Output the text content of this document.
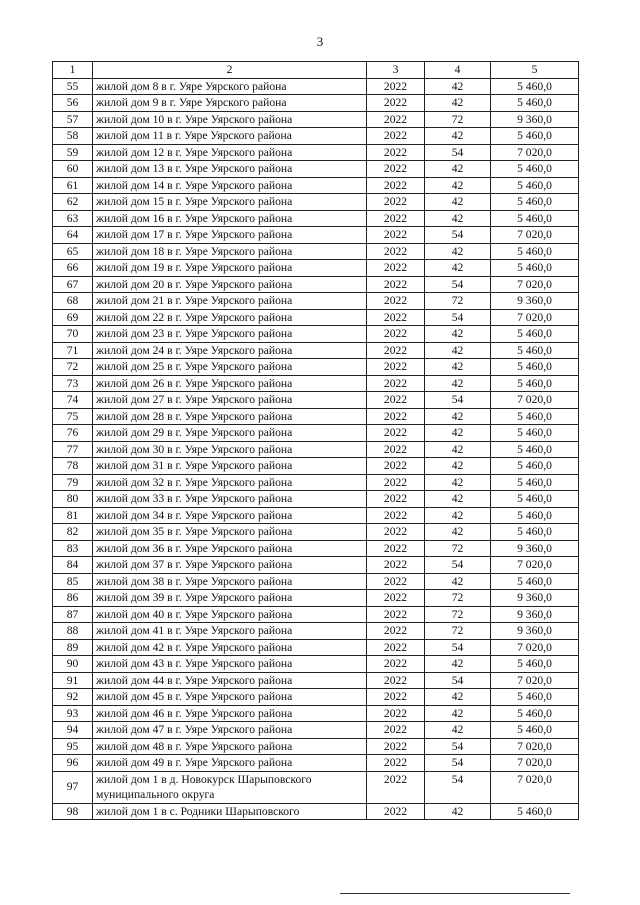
3
1	2	3	4	5
55	жилой дом 8 в г. Уяре Уярского района	2022	42	5 460,0
56	жилой дом 9 в г. Уяре Уярского района	2022	42	5 460,0
57	жилой дом 10 в г. Уяре Уярского района	2022	72	9 360,0
58	жилой дом 11 в г. Уяре Уярского района	2022	42	5 460,0
59	жилой дом 12 в г. Уяре Уярского района	2022	54	7 020,0
60	жилой дом 13 в г. Уяре Уярского района	2022	42	5 460,0
61	жилой дом 14 в г. Уяре Уярского района	2022	42	5 460,0
62	жилой дом 15 в г. Уяре Уярского района	2022	42	5 460,0
63	жилой дом 16 в г. Уяре Уярского района	2022	42	5 460,0
64	жилой дом 17 в г. Уяре Уярского района	2022	54	7 020,0
65	жилой дом 18 в г. Уяре Уярского района	2022	42	5 460,0
66	жилой дом 19 в г. Уяре Уярского района	2022	42	5 460,0
67	жилой дом 20 в г. Уяре Уярского района	2022	54	7 020,0
68	жилой дом 21 в г. Уяре Уярского района	2022	72	9 360,0
69	жилой дом 22 в г. Уяре Уярского района	2022	54	7 020,0
70	жилой дом 23 в г. Уяре Уярского района	2022	42	5 460,0
71	жилой дом 24 в г. Уяре Уярского района	2022	42	5 460,0
72	жилой дом 25 в г. Уяре Уярского района	2022	42	5 460,0
73	жилой дом 26 в г. Уяре Уярского района	2022	42	5 460,0
74	жилой дом 27 в г. Уяре Уярского района	2022	54	7 020,0
75	жилой дом 28 в г. Уяре Уярского района	2022	42	5 460,0
76	жилой дом 29 в г. Уяре Уярского района	2022	42	5 460,0
77	жилой дом 30 в г. Уяре Уярского района	2022	42	5 460,0
78	жилой дом 31 в г. Уяре Уярского района	2022	42	5 460,0
79	жилой дом 32 в г. Уяре Уярского района	2022	42	5 460,0
80	жилой дом 33 в г. Уяре Уярского района	2022	42	5 460,0
81	жилой дом 34 в г. Уяре Уярского района	2022	42	5 460,0
82	жилой дом 35 в г. Уяре Уярского района	2022	42	5 460,0
83	жилой дом 36 в г. Уяре Уярского района	2022	72	9 360,0
84	жилой дом 37 в г. Уяре Уярского района	2022	54	7 020,0
85	жилой дом 38 в г. Уяре Уярского района	2022	42	5 460,0
86	жилой дом 39 в г. Уяре Уярского района	2022	72	9 360,0
87	жилой дом 40 в г. Уяре Уярского района	2022	72	9 360,0
88	жилой дом 41 в г. Уяре Уярского района	2022	72	9 360,0
89	жилой дом 42 в г. Уяре Уярского района	2022	54	7 020,0
90	жилой дом 43 в г. Уяре Уярского района	2022	42	5 460,0
91	жилой дом 44 в г. Уяре Уярского района	2022	54	7 020,0
92	жилой дом 45 в г. Уяре Уярского района	2022	42	5 460,0
93	жилой дом 46 в г. Уяре Уярского района	2022	42	5 460,0
94	жилой дом 47 в г. Уяре Уярского района	2022	42	5 460,0
95	жилой дом 48 в г. Уяре Уярского района	2022	54	7 020,0
96	жилой дом 49 в г. Уяре Уярского района	2022	54	7 020,0
97	жилой дом 1 в д. Новокурск Шарыповского муниципального округа	2022	54	7 020,0
98	жилой дом 1 в с. Родники Шарыповского	2022	42	5 460,0
